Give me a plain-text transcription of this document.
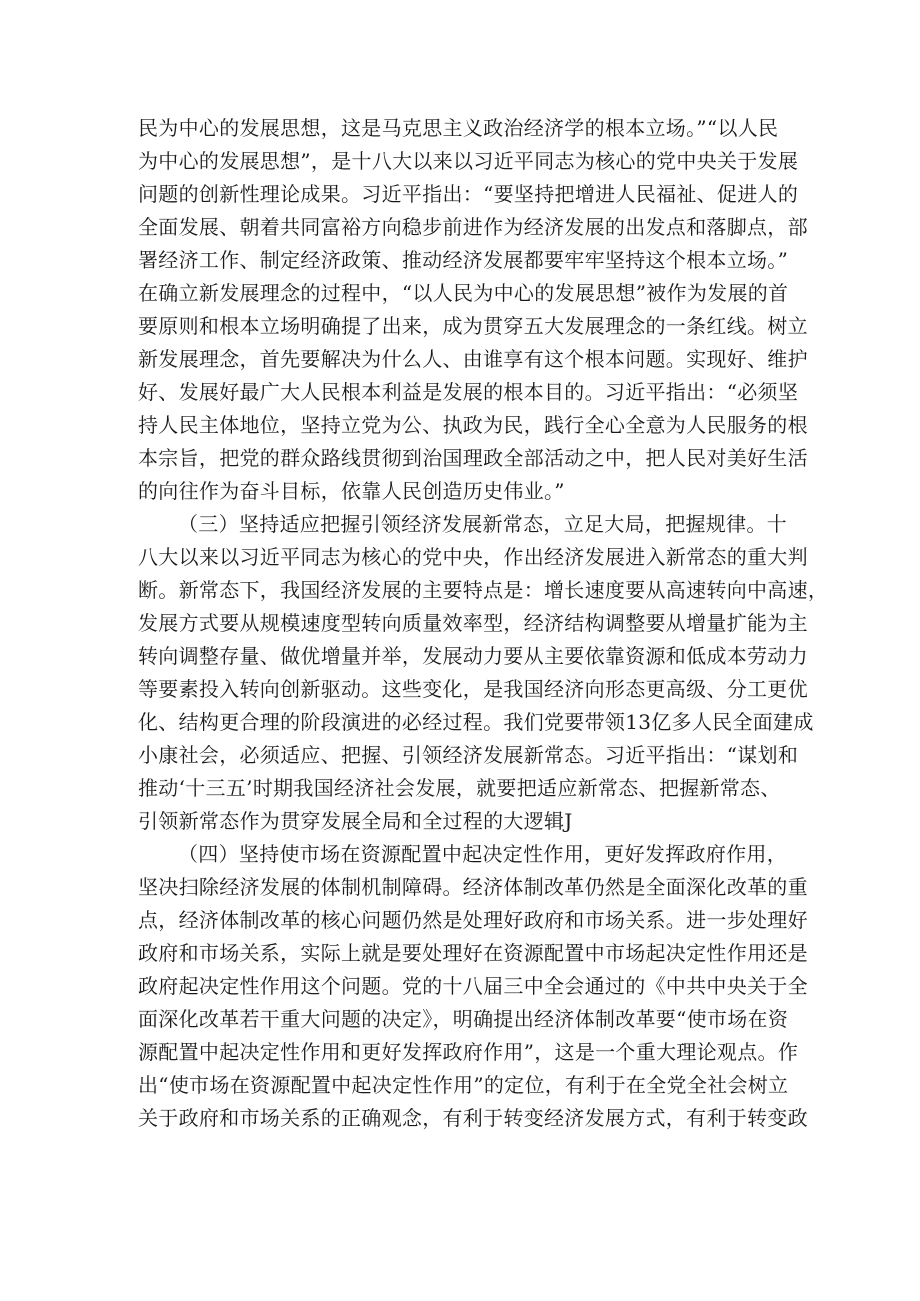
民为中心的发展思想，这是马克思主义政治经济学的根本立场。”“以人民
为中心的发展思想”，是十八大以来以习近平同志为核心的党中央关于发展
问题的创新性理论成果。习近平指出：“要坚持把增进人民福祉、促进人的
全面发展、朝着共同富裕方向稳步前进作为经济发展的出发点和落脚点，部
署经济工作、制定经济政策、推动经济发展都要牢牢坚持这个根本立场。”
在确立新发展理念的过程中，“以人民为中心的发展思想”被作为发展的首
要原则和根本立场明确提了出来，成为贯穿五大发展理念的一条红线。树立
新发展理念，首先要解决为什么人、由谁享有这个根本问题。实现好、维护
好、发展好最广大人民根本利益是发展的根本目的。习近平指出：“必须坚
持人民主体地位，坚持立党为公、执政为民，践行全心全意为人民服务的根
本宗旨，把党的群众路线贯彻到治国理政全部活动之中，把人民对美好生活
的向往作为奋斗目标，依靠人民创造历史伟业。”
（三）坚持适应把握引领经济发展新常态，立足大局，把握规律。十
八大以来以习近平同志为核心的党中央，作出经济发展进入新常态的重大判
断。新常态下，我国经济发展的主要特点是：增长速度要从高速转向中高速，
发展方式要从规模速度型转向质量效率型，经济结构调整要从增量扩能为主
转向调整存量、做优增量并举，发展动力要从主要依靠资源和低成本劳动力
等要素投入转向创新驱动。这些变化，是我国经济向形态更高级、分工更优
化、结构更合理的阶段演进的必经过程。我们党要带领13亿多人民全面建成
小康社会，必须适应、把握、引领经济发展新常态。习近平指出：“谋划和
推动‘十三五’时期我国经济社会发展，就要把适应新常态、把握新常态、
引领新常态作为贯穿发展全局和全过程的大逻辑J
（四）坚持使市场在资源配置中起决定性作用，更好发挥政府作用，
坚决扫除经济发展的体制机制障碍。经济体制改革仍然是全面深化改革的重
点，经济体制改革的核心问题仍然是处理好政府和市场关系。进一步处理好
政府和市场关系，实际上就是要处理好在资源配置中市场起决定性作用还是
政府起决定性作用这个问题。党的十八届三中全会通过的《中共中央关于全
面深化改革若干重大问题的决定》，明确提出经济体制改革要“使市场在资
源配置中起决定性作用和更好发挥政府作用”，这是一个重大理论观点。作
出“使市场在资源配置中起决定性作用”的定位，有利于在全党全社会树立
关于政府和市场关系的正确观念，有利于转变经济发展方式，有利于转变政
